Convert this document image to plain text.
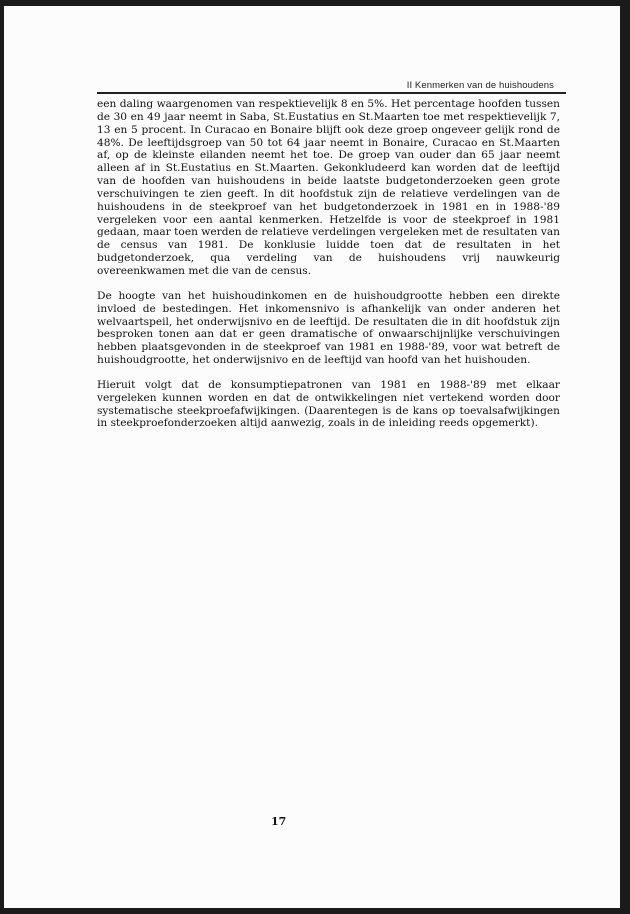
II Kenmerken van de huishoudens

een daling waargenomen van respektievelijk 8 en 5%. Het percentage hoofden tussen de 30 en 49 jaar neemt in Saba, St.Eustatius en St.Maarten toe met respektievelijk 7, 13 en 5 procent. In Curacao en Bonaire blijft ook deze groep ongeveer gelijk rond de 48%. De leeftijdsgroep van 50 tot 64 jaar neemt in Bonaire, Curacao en St.Maarten af, op de kleinste eilanden neemt het toe. De groep van ouder dan 65 jaar neemt alleen af in St.Eustatius en St.Maarten. Gekonkludeerd kan worden dat de leeftijd van de hoofden van huishoudens in beide laatste budgetonderzoeken geen grote verschuivingen te zien geeft. In dit hoofdstuk zijn de relatieve verdelingen van de huishoudens in de steekproef van het budgetonderzoek in 1981 en in 1988-'89 vergeleken voor een aantal kenmerken. Hetzelfde is voor de steekproef in 1981 gedaan, maar toen werden de relatieve verdelingen vergeleken met de resultaten van de census van 1981. De konklusie luidde toen dat de resultaten in het budgetonderzoek, qua verdeling van de huishoudens vrij nauwkeurig overeenkwamen met die van de census.

De hoogte van het huishoudinkomen en de huishoudgrootte hebben een direkte invloed de bestedingen. Het inkomensnivo is afhankelijk van onder anderen het welvaartspeil, het onderwijsnivo en de leeftijd. De resultaten die in dit hoofdstuk zijn besproken tonen aan dat er geen dramatische of onwaarschijnlijke verschuivingen hebben plaatsgevonden in de steekproef van 1981 en 1988-'89, voor wat betreft de huishoudgrootte, het onderwijsnivo en de leeftijd van hoofd van het huishouden.

Hieruit volgt dat de konsumptiepatronen van 1981 en 1988-'89 met elkaar vergeleken kunnen worden en dat de ontwikkelingen niet vertekend worden door systematische steekproefafwijkingen. (Daarentegen is de kans op toevalsafwijkingen in steekproefonderzoeken altijd aanwezig, zoals in de inleiding reeds opgemerkt).

17
